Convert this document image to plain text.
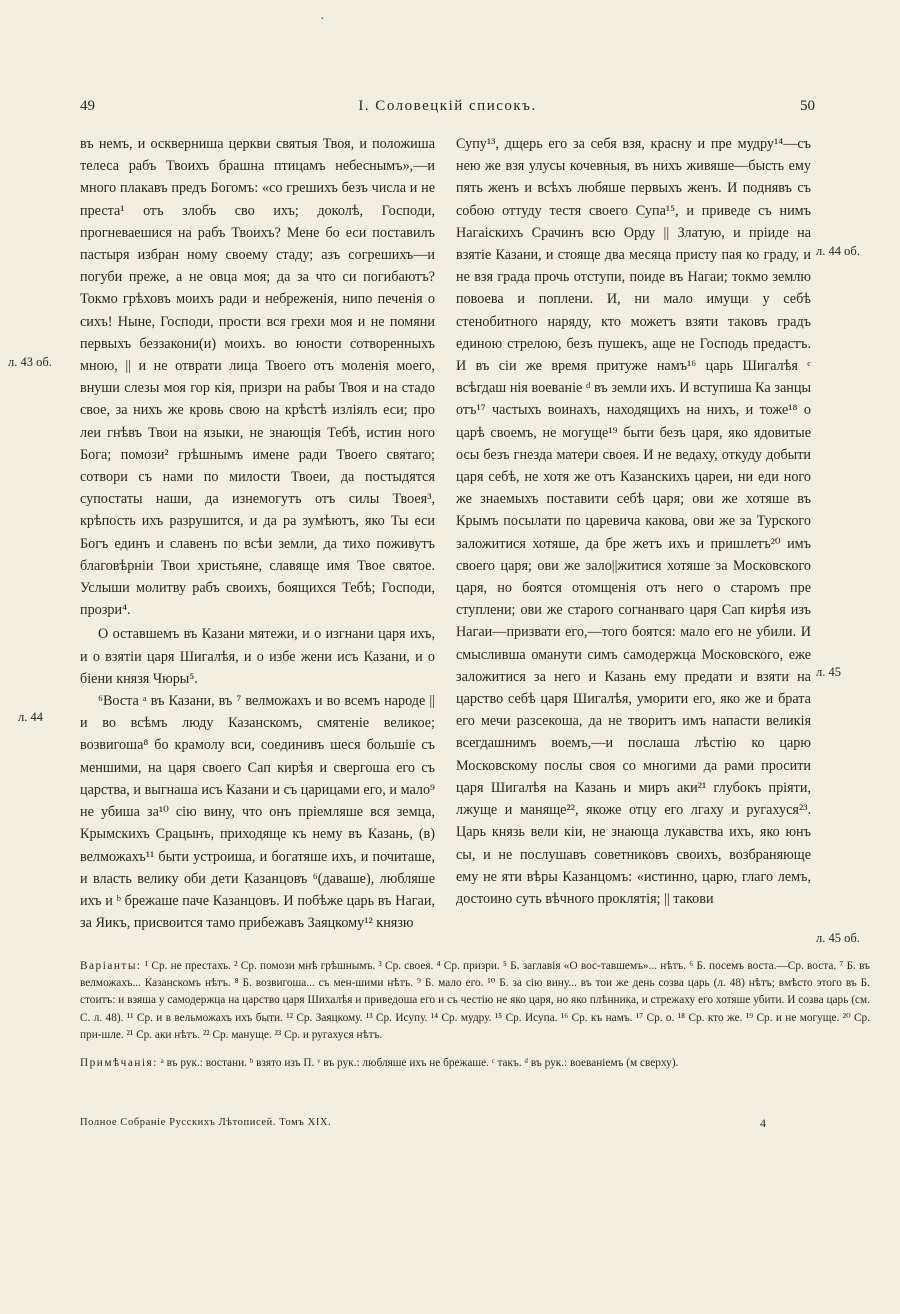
·
49	I. Соловецкій списокъ.	50

въ немъ, и оскверниша церкви святыя Твоя, и положиша телеса рабъ Твоихъ брашна птицамъ небеснымъ»,—и много плакавъ предъ Богомъ: «со грешихъ безъ числа и не преста¹ отъ злобъ сво ихъ; доколѣ, Господи, прогневаешися на рабъ Твоихъ? Мене бо еси поставилъ пастыря избран ному своему стаду; азъ согрешихъ—и погуби преже, а не овца моя; да за что си погибаютъ? Токмо грѣховъ моихъ ради и небреженія, нипо печенія о сихъ! Ныне, Господи, прости вся грехи моя и не помяни первыхъ беззакони(и) моихъ. во юности сотворенныхъ мною, || и не отврати лица Твоего отъ моленія моего, внуши слезы моя гор кія, призри на рабы Твоя и на стадо свое, за нихъ же кровь свою на крѣстѣ изліялъ еси; про леи гнѣвъ Твои на языки, не знающія Тебѣ, истин ного Бога; помози² грѣшнымъ имене ради Твоего святаго; сотвори съ нами по милости Твоеи, да постыдятся супостаты наши, да изнемогутъ отъ силы Твоея³, крѣпость ихъ разрушится, и да ра зумѣютъ, яко Ты еси Богъ единъ и славенъ по всѣи земли, да тихо поживутъ благовѣрніи Твои христьяне, славяще имя Твое святое. Услыши молитву рабъ своихъ, боящихся Тебѣ; Господи, прозри⁴.

О оставшемъ въ Казани мятежи, и о изгнани царя ихъ, и о взятіи царя Шигалѣя, и о избе жени исъ Казани, и о біени князя Чюры⁵.

⁶Воста ᵃ въ Казани, въ ⁷ велможахъ и во всемъ народе || и во всѣмъ люду Казанскомъ, смятеніе великое; возвигоша⁸ бо крамолу вси, соединивъ шеся большіе съ меншими, на царя своего Сап кирѣя и свергоша его съ царства, и выгнаша исъ Казани и съ царицами его, и мало⁹ не убиша за¹⁰ сію вину, что онъ пріемляше вся земца, Крымскихъ Срацынъ, приходяще къ нему въ Казань, (в) велможахъ¹¹ быти устроиша, и богатяше ихъ, и почиташе, и власть велику оби дети Казанцовъ ⁶(даваше), любляше ихъ и ᵇ брежаше паче Казанцовъ. И побѣже царь въ Нагаи, за Яикъ, присвоится тамо прибежавъ Заяцкому¹² князю

Супу¹³, дщерь его за себя взя, красну и пре мудру¹⁴—съ нею же взя улусы кочевныя, въ нихъ живяше—бысть ему пять женъ и всѣхъ любяше первыхъ женъ. И поднявъ съ собою оттуду тестя своего Супа¹⁵, и приведе съ нимъ Нагаiскихъ Срачинъ всю Орду || Златую, и пріиде на взятіе Казани, и стояще два месяца присту пая ко граду, и не взя града прочь отступи, поиде въ Нагаи; токмо землю повоева и поплени. И, ни мало имущи у себѣ стенобитного наряду, кто можетъ взяти таковъ градъ единою стрелою, безъ пушекъ, аще не Господь предастъ. И въ сіи же время притуже намъ¹⁶ царь Шигалѣя ᶜ всѣгдаш нія воеваніе ᵈ въ земли ихъ. И вступиша Ка занцы отъ¹⁷ частыхъ воинахъ, находящихъ на нихъ, и тоже¹⁸ о царѣ своемъ, не могуще¹⁹ быти безъ царя, яко ядовитые осы безъ гнезда матери своея. И не ведаху, откуду добыти царя себѣ, не хотя же отъ Казанскихъ цареи, ни еди ного же знаемыхъ поставити себѣ царя; ови же хотяше въ Крымъ посылати по царевича какова, ови же за Турского заложитися хотяше, да бре жетъ ихъ и пришлетъ²⁰ имъ своего царя; ови же зало||житися хотяше за Московского царя, но боятся отомщенія отъ него о старомъ пре ступлени; ови же старого согнанваго царя Сап кирѣя изъ Нагаи—призвати его,—того боятся: мало его не убили. И смысливша оманути симъ самодержца Московского, еже заложитися за него и Казань ему предати и взяти на царство себѣ царя Шигалѣя, уморити его, яко же и брата его мечи разсекоша, да не творитъ имъ напасти великія всегдашнимъ воемъ,—и послаша лѣстію ко царю Московскому послы своя со многими да рами просити царя Шигалѣя на Казань и миръ аки²¹ глубокъ пріяти, лжуще и манящe²², якоже отцу его лгаху и ругахуся²³. Царь князь вели кіи, не знающа лукавства ихъ, яко юнъ сы, и не послушавъ советниковъ своихъ, возбраняюще ему не яти вѣры Казанцомъ: «истинно, царю, глаго лемъ, достоино суть вѣчного проклятія; || такови

л. 43 об.
л. 44
л. 44 об.
л. 45
л. 45 об.

Варіанты: ¹ Ср. не престахъ. ² Ср. помози мнѣ грѣшнымъ. ³ Ср. своея. ⁴ Ср. призри. ⁵ Б. заглавія «О вос-тавшемъ»... нѣтъ. ⁶ Б. посемъ воста.—Ср. воста. ⁷ Б. въ велможахъ... Казанскомъ нѣтъ. ⁸ Б. возвигоша... съ мен-шими нѣтъ. ⁹ Б. мало его. ¹⁰ Б. за сію вину... въ тои же день созва царь (л. 48) нѣтъ; вмѣсто этого въ Б. стоитъ: и взяша у самодержца на царство царя Шихалѣя и приведоша его и съ честію не яко царя, но яко плѣнника, и стрежаху его хотяше убити. И созва царь (см. С. л. 48). ¹¹ Ср. и в вельможахъ ихъ быти. ¹² Ср. Заяцкому. ¹³ Ср. Исупу. ¹⁴ Ср. мудру. ¹⁵ Ср. Исупа. ¹⁶ Ср. къ намъ. ¹⁷ Ср. о. ¹⁸ Ср. кто же. ¹⁹ Ср. и не могуще. ²⁰ Ср. при-шле. ²¹ Ср. аки нѣтъ. ²² Ср. мануще. ²³ Ср. и ругахуся нѣтъ.

Примѣчанія: ᵃ въ рук.: востани. ᵇ взято изъ П. ᵛ въ рук.: любляше ихъ не брежаше. ᶜ такъ. ᵈ въ рук.: воеваніемъ (м сверху).

Полное Собраніе Русскихъ Лѣтописей. Томъ XIX.	4
